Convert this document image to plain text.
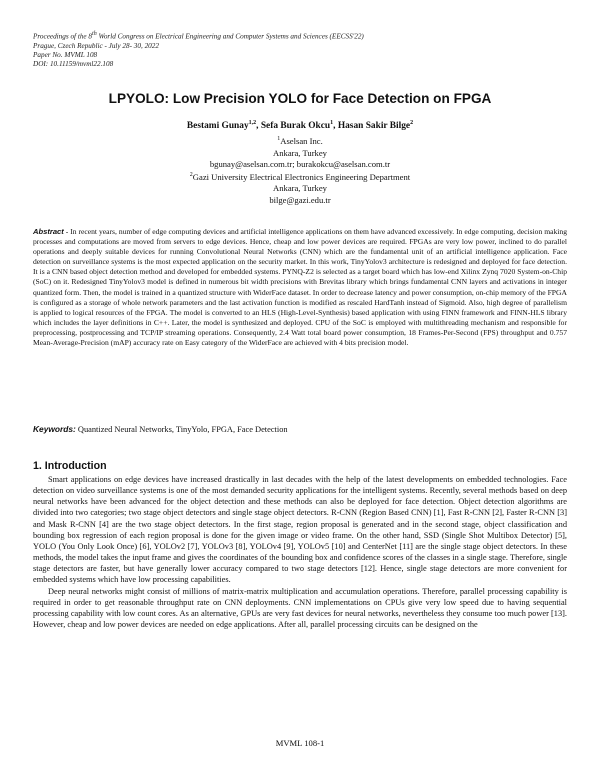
Proceedings of the 8th World Congress on Electrical Engineering and Computer Systems and Sciences (EECSS'22)
Prague, Czech Republic - July 28- 30, 2022
Paper No. MVML 108
DOI: 10.11159/mvml22.108
LPYOLO: Low Precision YOLO for Face Detection on FPGA
Bestami Gunay$^{1,2}$, Sefa Burak Okcu$^1$, Hasan Sakir Bilge$^2$
$^1$Aselsan Inc.
Ankara, Turkey
bgunay@aselsan.com.tr; burakokcu@aselsan.com.tr
$^2$Gazi University Electrical Electronics Engineering Department
Ankara, Turkey
bilge@gazi.edu.tr
Abstract - In recent years, number of edge computing devices and artificial intelligence applications on them have advanced excessively. In edge computing, decision making processes and computations are moved from servers to edge devices. Hence, cheap and low power devices are required. FPGAs are very low power, inclined to do parallel operations and deeply suitable devices for running Convolutional Neural Networks (CNN) which are the fundamental unit of an artificial intelligence application. Face detection on surveillance systems is the most expected application on the security market. In this work, TinyYolov3 architecture is redesigned and deployed for face detection. It is a CNN based object detection method and developed for embedded systems. PYNQ-Z2 is selected as a target board which has low-end Xilinx Zynq 7020 System-on-Chip (SoC) on it. Redesigned TinyYolov3 model is defined in numerous bit width precisions with Brevitas library which brings fundamental CNN layers and activations in integer quantized form. Then, the model is trained in a quantized structure with WiderFace dataset. In order to decrease latency and power consumption, on-chip memory of the FPGA is configured as a storage of whole network parameters and the last activation function is modified as rescaled HardTanh instead of Sigmoid. Also, high degree of parallelism is applied to logical resources of the FPGA. The model is converted to an HLS (High-Level-Synthesis) based application with using FINN framework and FINN-HLS library which includes the layer definitions in C++. Later, the model is synthesized and deployed. CPU of the SoC is employed with multithreading mechanism and responsible for preprocessing, postprocessing and TCP/IP streaming operations. Consequently, 2.4 Watt total board power consumption, 18 Frames-Per-Second (FPS) throughput and 0.757 Mean-Average-Precision (mAP) accuracy rate on Easy category of the WiderFace are achieved with 4 bits precision model.
Keywords: Quantized Neural Networks, TinyYolo, FPGA, Face Detection
1. Introduction

Smart applications on edge devices have increased drastically in last decades with the help of the latest developments on embedded technologies. Face detection on video surveillance systems is one of the most demanded security applications for the intelligent systems. Recently, several methods based on deep neural networks have been advanced for the object detection and these methods can also be deployed for face detection. Object detection algorithms are divided into two categories; two stage object detectors and single stage object detectors. R-CNN (Region Based CNN) [1], Fast R-CNN [2], Faster R-CNN [3] and Mask R-CNN [4] are the two stage object detectors. In the first stage, region proposal is generated and in the second stage, object classification and bounding box regression of each region proposal is done for the given image or video frame. On the other hand, SSD (Single Shot Multibox Detector) [5], YOLO (You Only Look Once) [6], YOLOv2 [7], YOLOv3 [8], YOLOv4 [9], YOLOv5 [10] and CenterNet [11] are the single stage object detectors. In these methods, the model takes the input frame and gives the coordinates of the bounding box and confidence scores of the classes in a single stage. Therefore, single stage detectors are faster, but have generally lower accuracy compared to two stage detectors [12]. Hence, single stage detectors are more convenient for embedded systems which have low processing capabilities.

Deep neural networks might consist of millions of matrix-matrix multiplication and accumulation operations. Therefore, parallel processing capability is required in order to get reasonable throughput rate on CNN deployments. CNN implementations on CPUs give very low speed due to having sequential processing capability with low count cores. As an alternative, GPUs are very fast devices for neural networks, nevertheless they consume too much power [13]. However, cheap and low power devices are needed on edge applications. After all, parallel processing circuits can be designed on the

MVML 108-1
